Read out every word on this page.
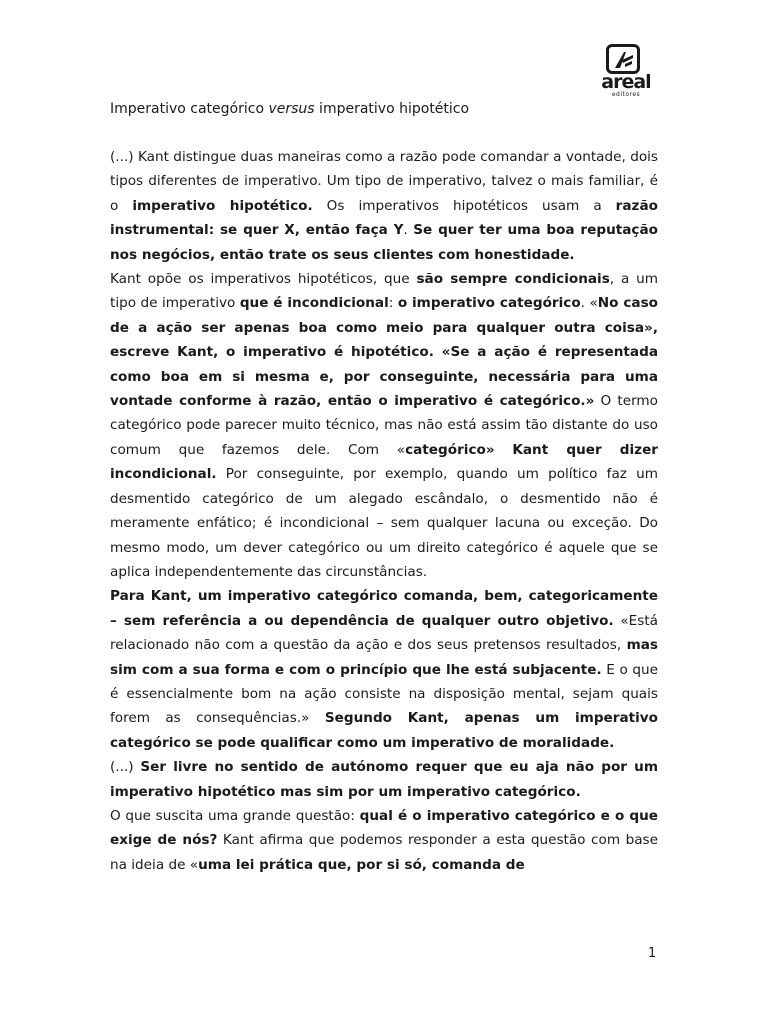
areal
editores
Imperativo categórico versus imperativo hipotético

(...) Kant distingue duas maneiras como a razão pode comandar a vontade, dois tipos diferentes de imperativo. Um tipo de imperativo, talvez o mais familiar, é o imperativo hipotético. Os imperativos hipotéticos usam a razão instrumental: se quer X, então faça Y. Se quer ter uma boa reputação nos negócios, então trate os seus clientes com honestidade.

Kant opõe os imperativos hipotéticos, que são sempre condicionais, a um tipo de imperativo que é incondicional: o imperativo categórico. «No caso de a ação ser apenas boa como meio para qualquer outra coisa», escreve Kant, o imperativo é hipotético. «Se a ação é representada como boa em si mesma e, por conseguinte, necessária para uma vontade conforme à razão, então o imperativo é categórico.» O termo categórico pode parecer muito técnico, mas não está assim tão distante do uso comum que fazemos dele. Com «categórico» Kant quer dizer incondicional. Por conseguinte, por exemplo, quando um político faz um desmentido categórico de um alegado escândalo, o desmentido não é meramente enfático; é incondicional – sem qualquer lacuna ou exceção. Do mesmo modo, um dever categórico ou um direito categórico é aquele que se aplica independentemente das circunstâncias.

Para Kant, um imperativo categórico comanda, bem, categoricamente – sem referência a ou dependência de qualquer outro objetivo. «Está relacionado não com a questão da ação e dos seus pretensos resultados, mas sim com a sua forma e com o princípio que lhe está subjacente. E o que é essencialmente bom na ação consiste na disposição mental, sejam quais forem as consequências.» Segundo Kant, apenas um imperativo categórico se pode qualificar como um imperativo de moralidade.

(...) Ser livre no sentido de autónomo requer que eu aja não por um imperativo hipotético mas sim por um imperativo categórico.

O que suscita uma grande questão: qual é o imperativo categórico e o que exige de nós? Kant afirma que podemos responder a esta questão com base na ideia de «uma lei prática que, por si só, comanda de

1
